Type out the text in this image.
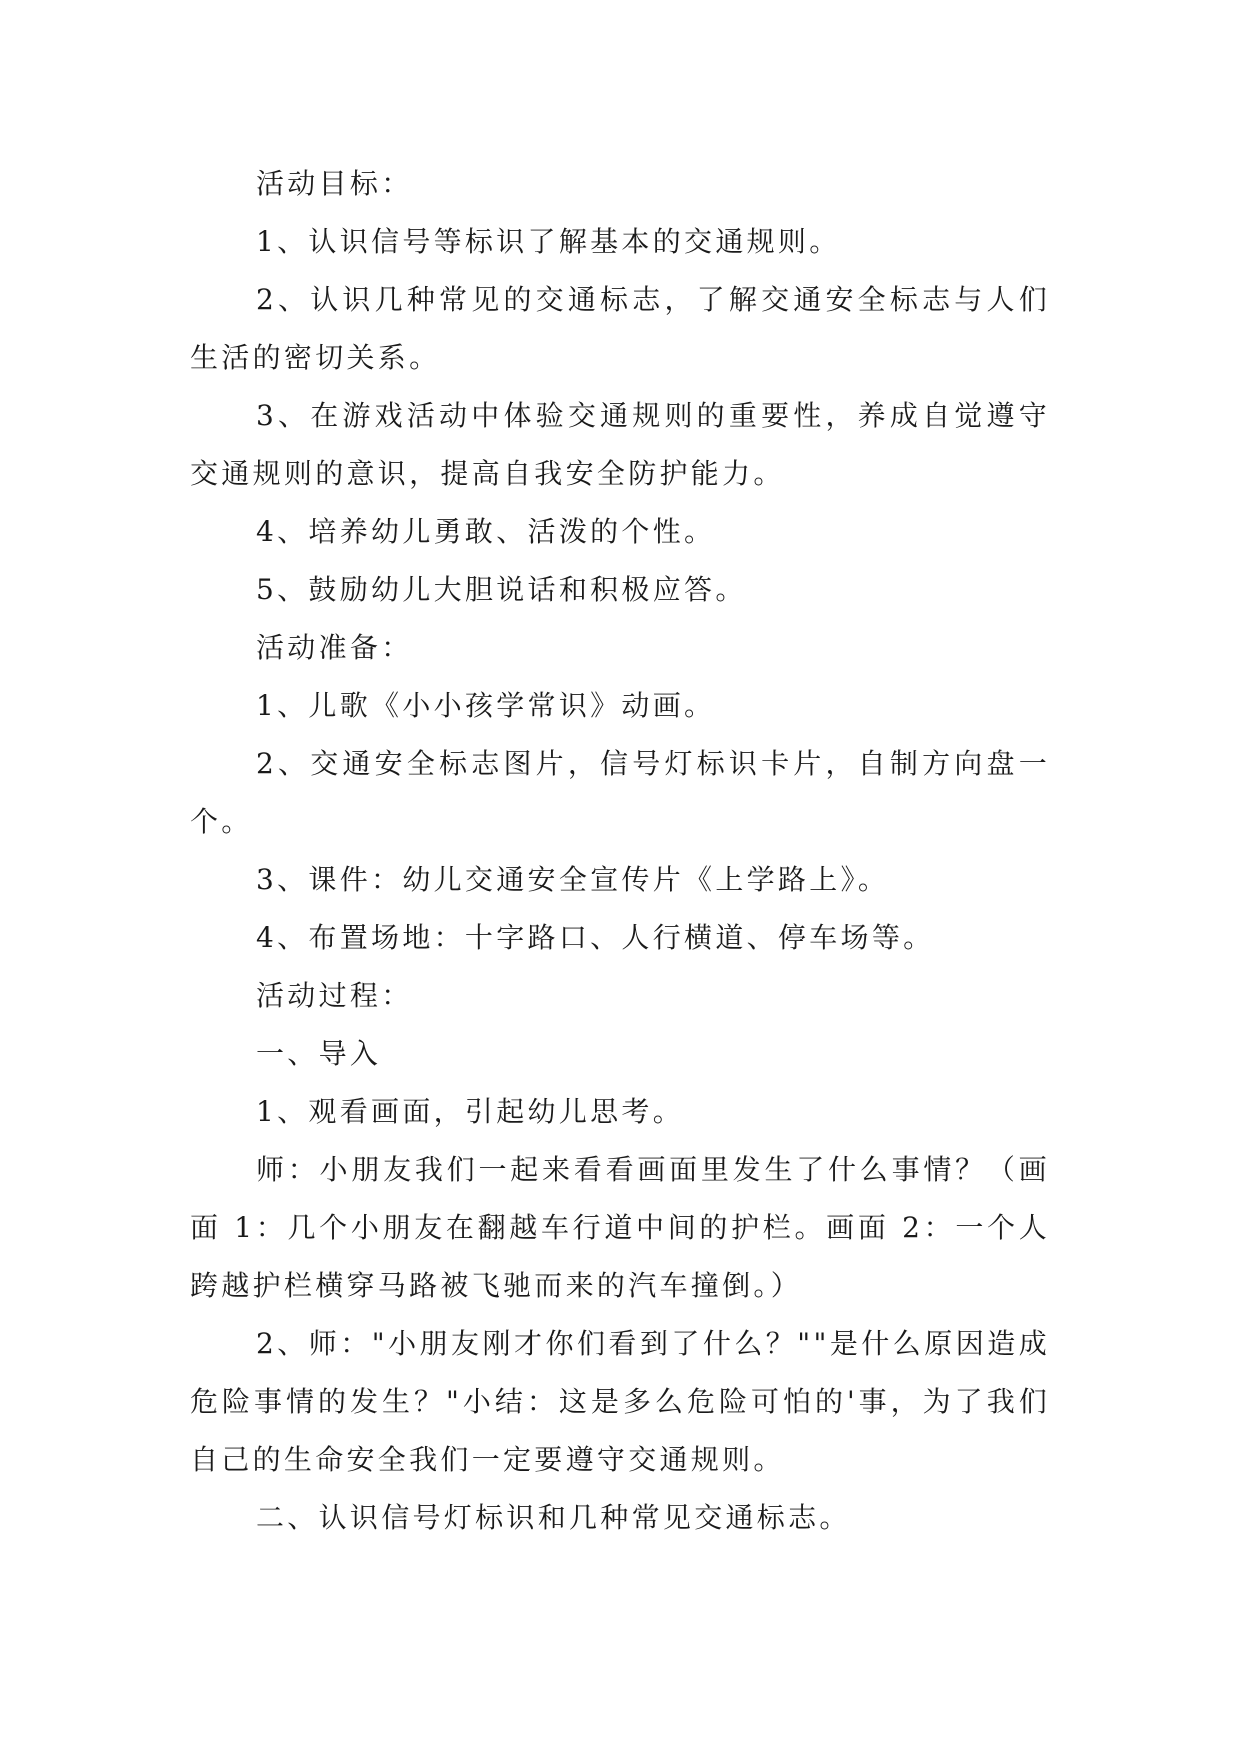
活动目标：

1、认识信号等标识了解基本的交通规则。

2、认识几种常见的交通标志，了解交通安全标志与人们生活的密切关系。

3、在游戏活动中体验交通规则的重要性，养成自觉遵守交通规则的意识，提高自我安全防护能力。

4、培养幼儿勇敢、活泼的个性。

5、鼓励幼儿大胆说话和积极应答。

活动准备：

1、儿歌《小小孩学常识》动画。

2、交通安全标志图片，信号灯标识卡片，自制方向盘一个。

3、课件：幼儿交通安全宣传片《上学路上》。

4、布置场地：十字路口、人行横道、停车场等。

活动过程：

一、导入

1、观看画面，引起幼儿思考。

师：小朋友我们一起来看看画面里发生了什么事情？（画面 1：几个小朋友在翻越车行道中间的护栏。画面 2：一个人跨越护栏横穿马路被飞驰而来的汽车撞倒。）

2、师："小朋友刚才你们看到了什么？""是什么原因造成危险事情的发生？"小结：这是多么危险可怕的'事，为了我们自己的生命安全我们一定要遵守交通规则。

二、认识信号灯标识和几种常见交通标志。
